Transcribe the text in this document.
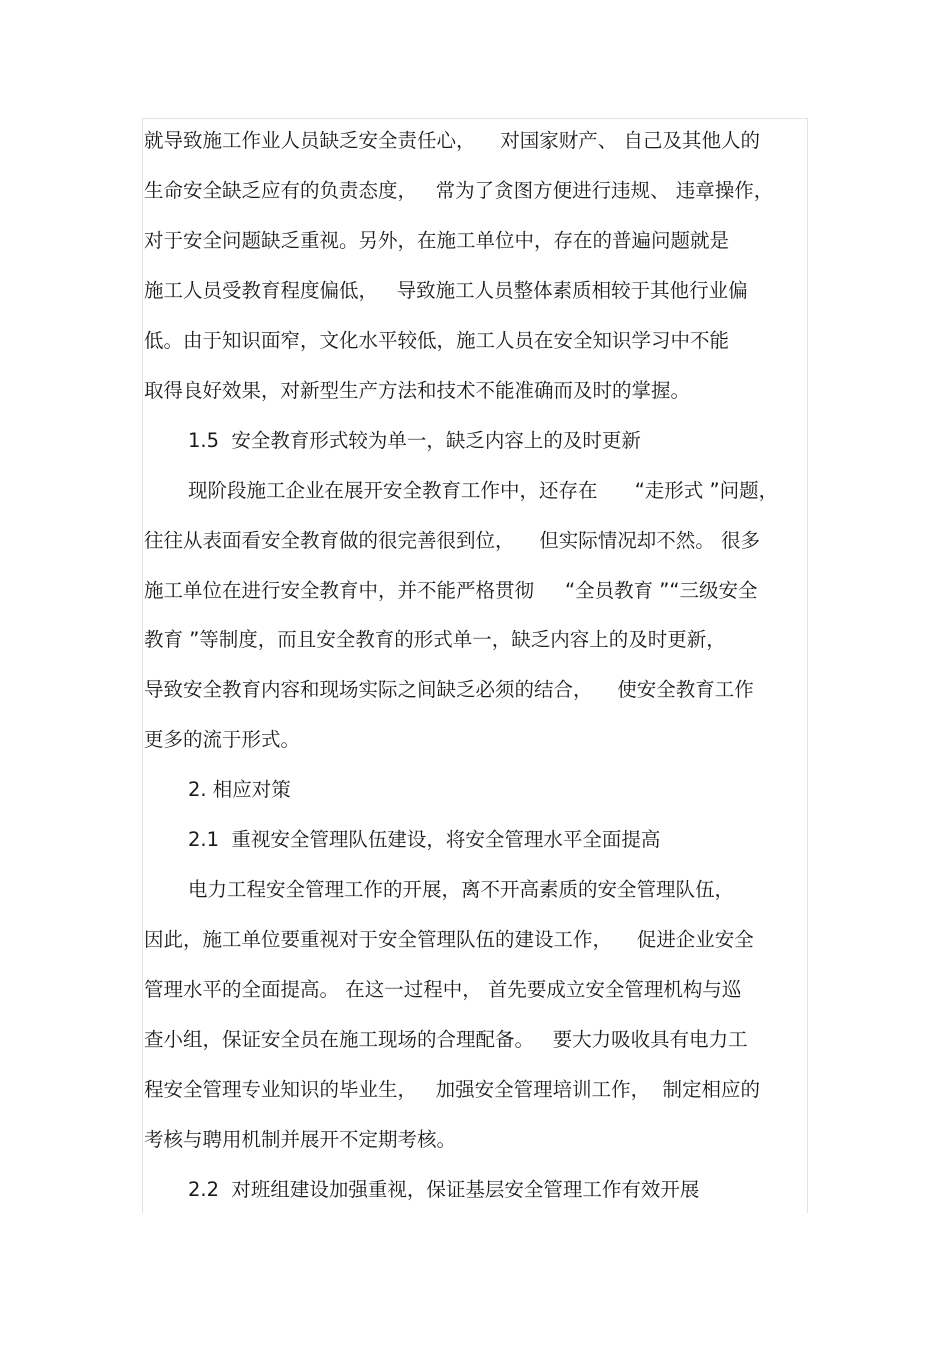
就导致施工作业人员缺乏安全责任心，    对国家财产、 自己及其他人的
生命安全缺乏应有的负责态度，   常为了贪图方便进行违规、 违章操作，
对于安全问题缺乏重视。另外，在施工单位中，存在的普遍问题就是
施工人员受教育程度偏低，   导致施工人员整体素质相较于其他行业偏
低。由于知识面窄，文化水平较低，施工人员在安全知识学习中不能
取得良好效果，对新型生产方法和技术不能准确而及时的掌握。
1.5  安全教育形式较为单一，缺乏内容上的及时更新
现阶段施工企业在展开安全教育工作中，还存在      “走形式 ”问题，
往往从表面看安全教育做的很完善很到位，    但实际情况却不然。 很多
施工单位在进行安全教育中，并不能严格贯彻     “全员教育 ”“三级安全
教育 ”等制度，而且安全教育的形式单一，缺乏内容上的及时更新，
导致安全教育内容和现场实际之间缺乏必须的结合，    使安全教育工作
更多的流于形式。
2. 相应对策
2.1  重视安全管理队伍建设，将安全管理水平全面提高
电力工程安全管理工作的开展，离不开高素质的安全管理队伍，
因此，施工单位要重视对于安全管理队伍的建设工作，    促进企业安全
管理水平的全面提高。 在这一过程中， 首先要成立安全管理机构与巡
查小组，保证安全员在施工现场的合理配备。   要大力吸收具有电力工
程安全管理专业知识的毕业生，   加强安全管理培训工作，  制定相应的
考核与聘用机制并展开不定期考核。
2.2  对班组建设加强重视，保证基层安全管理工作有效开展
